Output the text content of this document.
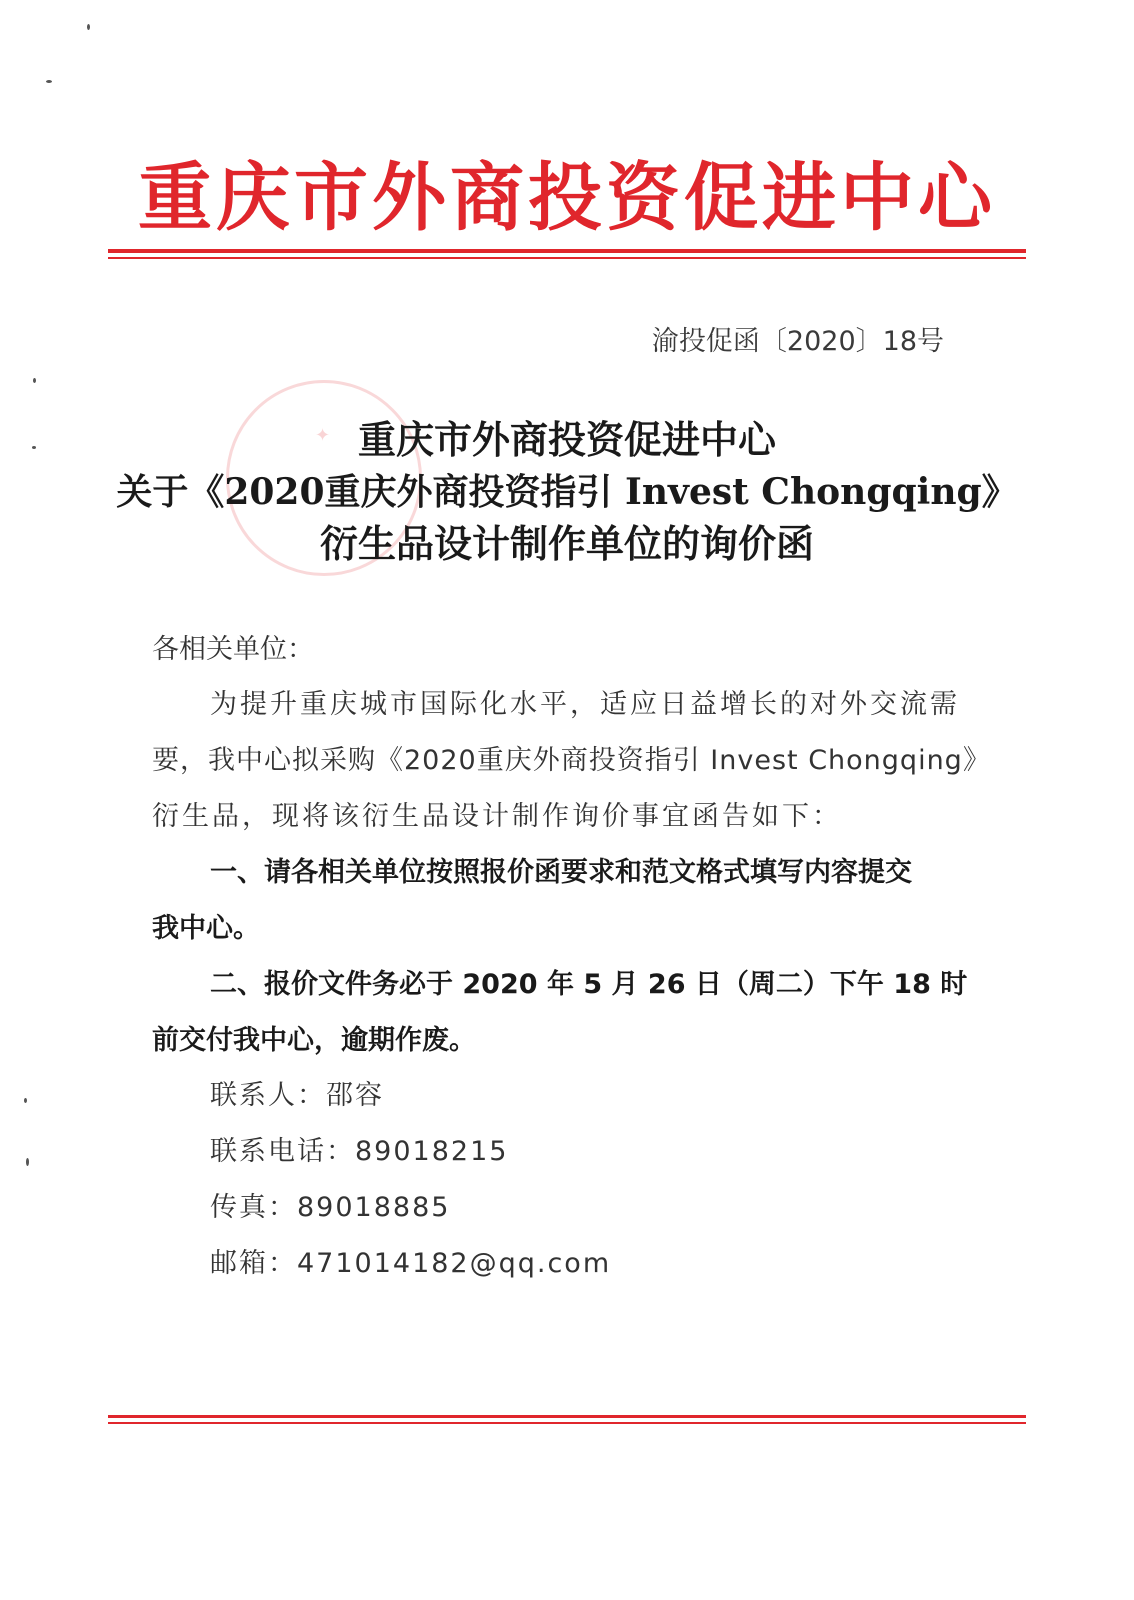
重庆市外商投资促进中心
渝投促函〔2020〕18号
✦ 重庆市外商投资促进中心
关于《2020重庆外商投资指引 Invest Chongqing》
衍生品设计制作单位的询价函
各相关单位：
为提升重庆城市国际化水平，适应日益增长的对外交流需
要，我中心拟采购《2020重庆外商投资指引 Invest Chongqing》
衍生品，现将该衍生品设计制作询价事宜函告如下：
一、请各相关单位按照报价函要求和范文格式填写内容提交
我中心。
二、报价文件务必于 2020 年 5 月 26 日（周二）下午 18 时
前交付我中心，逾期作废。
联系人：邵容
联系电话：89018215
传真：89018885
邮箱：471014182@qq.com
